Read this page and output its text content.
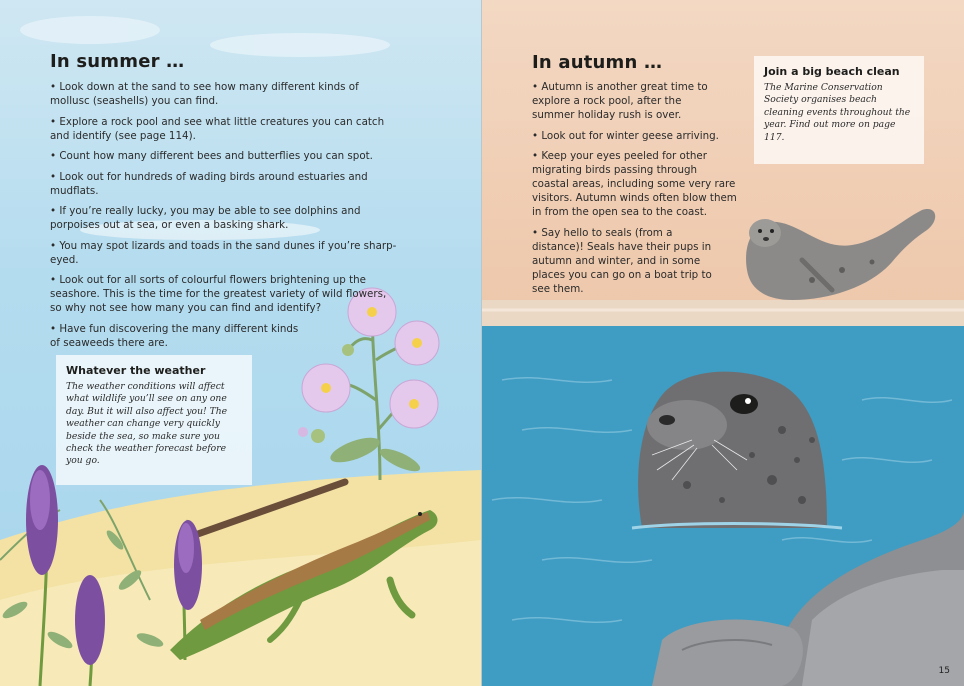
In summer …

• Look down at the sand to see how many different kinds of mollusc (seashells) you can find.

• Explore a rock pool and see what little creatures you can catch and identify (see page 114).

• Count how many different bees and butterflies you can spot.

• Look out for hundreds of wading birds around estuaries and mudflats.

• If you’re really lucky, you may be able to see dolphins and porpoises out at sea, or even a basking shark.

• You may spot lizards and toads in the sand dunes if you’re sharp-eyed.

• Look out for all sorts of colourful flowers brightening up the seashore. This is the time for the greatest variety of wild flowers, so why not see how many you can find and identify?

• Have fun discovering the many different kinds of seaweeds there are.

Whatever the weather
The weather conditions will affect what wildlife you’ll see on any one day. But it will also affect you! The weather can change very quickly beside the sea, so make sure you check the weather forecast before you go.
In autumn …

• Autumn is another great time to explore a rock pool, after the summer holiday rush is over.

• Look out for winter geese arriving.

• Keep your eyes peeled for other migrating birds passing through coastal areas, including some very rare visitors. Autumn winds often blow them in from the open sea to the coast.

• Say hello to seals (from a distance)! Seals have their pups in autumn and winter, and in some places you can go on a boat trip to see them.

Join a big beach clean
The Marine Conservation Society organises beach cleaning events throughout the year. Find out more on page 117.
15
